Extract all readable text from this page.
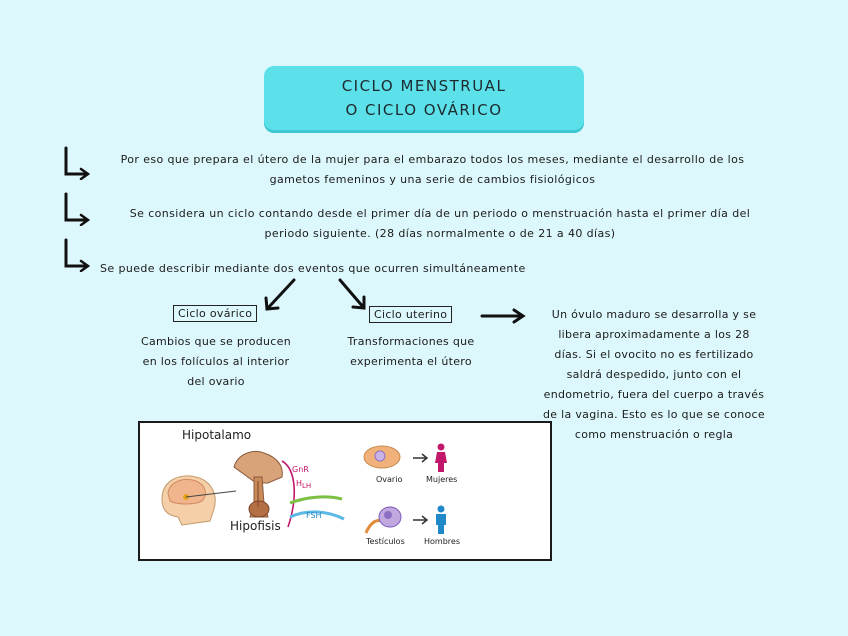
CICLO MENSTRUAL
O CICLO OVÁRICO
Por eso que prepara el útero de la mujer para el embarazo todos los meses, mediante el desarrollo de los
gametos femeninos y una serie de cambios fisiológicos
Se considera un ciclo contando desde el primer día de un periodo o menstruación hasta el primer día del
periodo siguiente. (28 días normalmente o de 21 a 40 días)
Se puede describir mediante dos eventos que ocurren simultáneamente
Ciclo ovárico
Cambios que se producen
en los folículos al interior
del ovario
Ciclo uterino
Transformaciones que
experimenta el útero
Un óvulo maduro se desarrolla y se
libera aproximadamente a los 28
días. Si el ovocito no es fertilizado
saldrá despedido, junto con el
endometrio, fuera del cuerpo a través
de la vagina. Esto es lo que se conoce
como menstruación o regla
Hipotalamo
Hipofisis
GnR
HLH
FSH
Ovario	Mujeres
Testículos Hombres
